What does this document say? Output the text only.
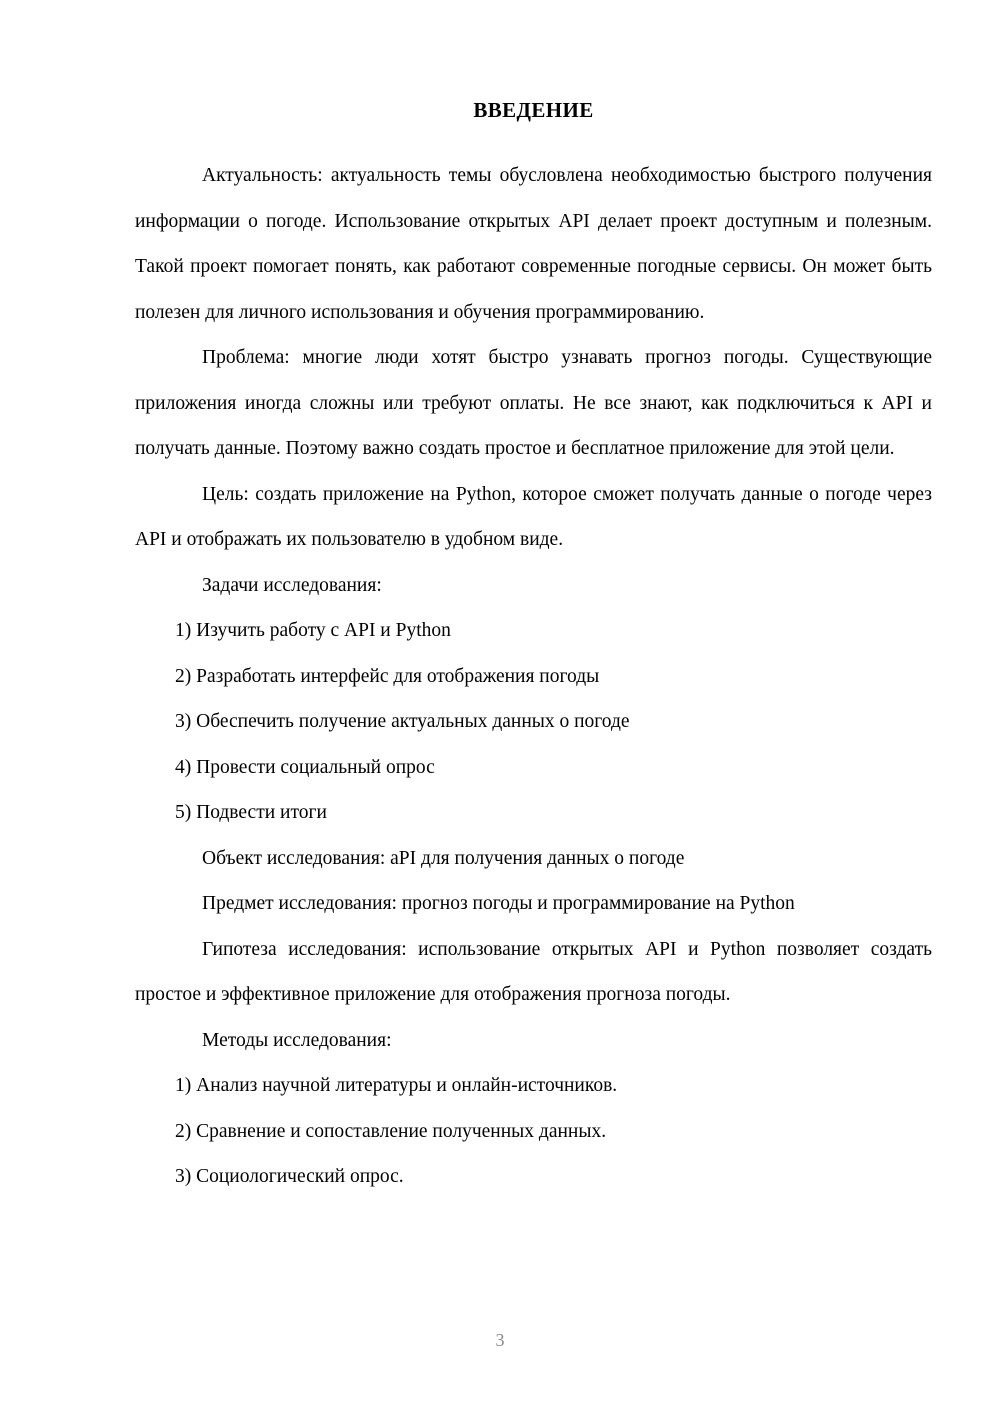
ВВЕДЕНИЕ

Актуальность: актуальность темы обусловлена необходимостью быстрого получения информации о погоде. Использование открытых API делает проект доступным и полезным. Такой проект помогает понять, как работают современные погодные сервисы. Он может быть полезен для личного использования и обучения программированию.

Проблема: многие люди хотят быстро узнавать прогноз погоды. Существующие приложения иногда сложны или требуют оплаты. Не все знают, как подключиться к API и получать данные. Поэтому важно создать простое и бесплатное приложение для этой цели.

Цель: создать приложение на Python, которое сможет получать данные о погоде через API и отображать их пользователю в удобном виде.

Задачи исследования:

1) Изучить работу с API и Python
2) Разработать интерфейс для отображения погоды
3) Обеспечить получение актуальных данных о погоде
4) Провести социальный опрос
5) Подвести итоги

Объект исследования: aPI для получения данных о погоде

Предмет исследования: прогноз погоды и программирование на Python

Гипотеза исследования: использование открытых API и Python позволяет создать простое и эффективное приложение для отображения прогноза погоды.

Методы исследования:

1) Анализ научной литературы и онлайн-источников.
2) Сравнение и сопоставление полученных данных.
3) Социологический опрос.
3
